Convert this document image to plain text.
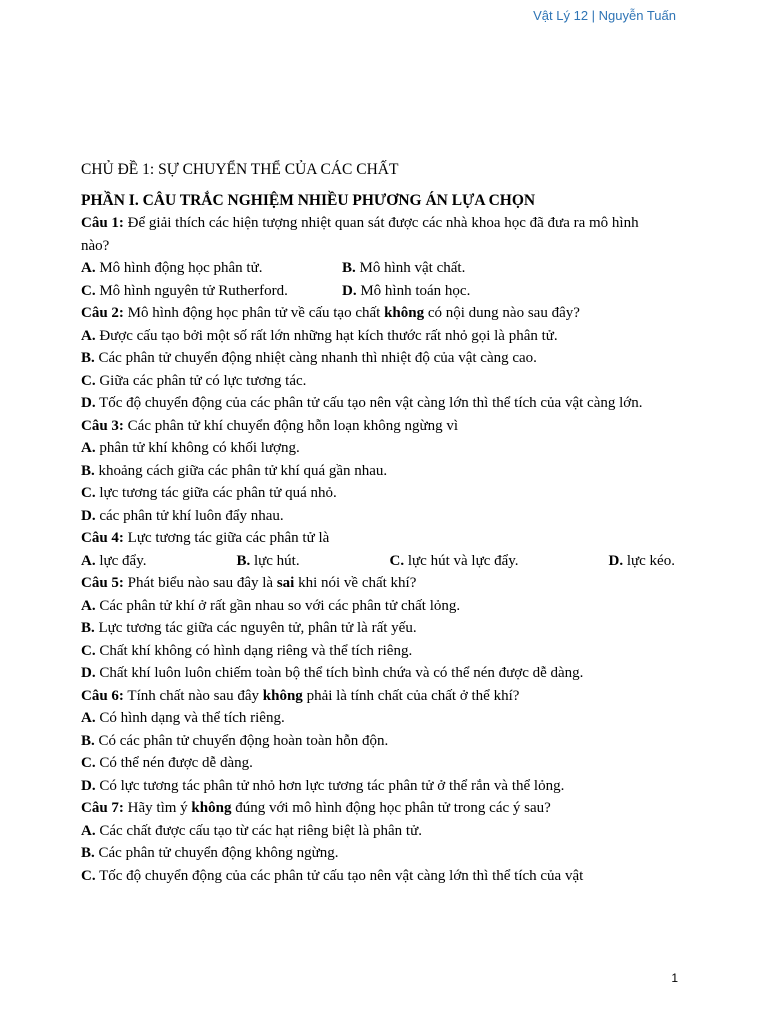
Vật Lý 12 | Nguyễn Tuấn
CHỦ ĐỀ 1: SỰ CHUYỂN THỂ CỦA CÁC CHẤT
PHẦN I. CÂU TRẮC NGHIỆM NHIỀU PHƯƠNG ÁN LỰA CHỌN
Câu 1: Để giải thích các hiện tượng nhiệt quan sát được các nhà khoa học đã đưa ra mô hình
nào?
A. Mô hình động học phân tử.	B. Mô hình vật chất.
C. Mô hình nguyên tử Rutherford.	D. Mô hình toán học.
Câu 2: Mô hình động học phân tử về cấu tạo chất không có nội dung nào sau đây?
A. Được cấu tạo bởi một số rất lớn những hạt kích thước rất nhỏ gọi là phân tử.
B. Các phân tử chuyển động nhiệt càng nhanh thì nhiệt độ của vật càng cao.
C. Giữa các phân tử có lực tương tác.
D. Tốc độ chuyển động của các phân tử cấu tạo nên vật càng lớn thì thể tích của vật càng lớn.
Câu 3: Các phân tử khí chuyển động hỗn loạn không ngừng vì
A. phân tử khí không có khối lượng.
B. khoảng cách giữa các phân tử khí quá gần nhau.
C. lực tương tác giữa các phân tử quá nhỏ.
D. các phân tử khí luôn đẩy nhau.
Câu 4: Lực tương tác giữa các phân tử là
A. lực đẩy.	B. lực hút.	C. lực hút và lực đẩy.	D. lực kéo.
Câu 5: Phát biểu nào sau đây là sai khi nói về chất khí?
A. Các phân tử khí ở rất gần nhau so với các phân tử chất lỏng.
B. Lực tương tác giữa các nguyên tử, phân tử là rất yếu.
C. Chất khí không có hình dạng riêng và thể tích riêng.
D. Chất khí luôn luôn chiếm toàn bộ thể tích bình chứa và có thể nén được dễ dàng.
Câu 6: Tính chất nào sau đây không phải là tính chất của chất ở thể khí?
A. Có hình dạng và thể tích riêng.
B. Có các phân tử chuyển động hoàn toàn hỗn độn.
C. Có thể nén được dễ dàng.
D. Có lực tương tác phân tử nhỏ hơn lực tương tác phân tử ở thể rắn và thể lỏng.
Câu 7: Hãy tìm ý không đúng với mô hình động học phân tử trong các ý sau?
A. Các chất được cấu tạo từ các hạt riêng biệt là phân tử.
B. Các phân tử chuyển động không ngừng.
C. Tốc độ chuyển động của các phân tử cấu tạo nên vật càng lớn thì thể tích của vật
1
